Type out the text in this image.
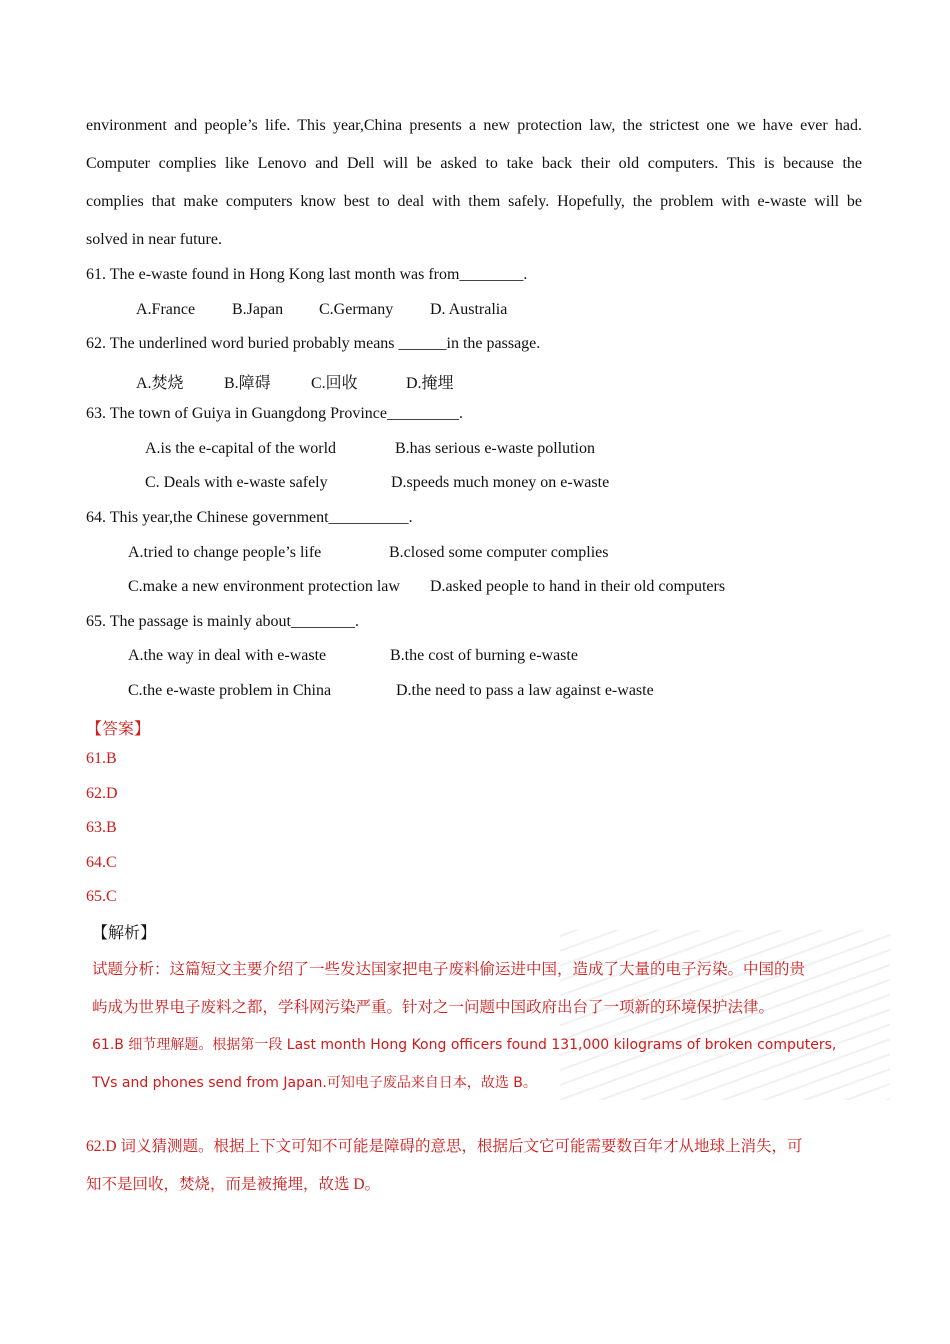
environment and people’s life. This year,China presents a new protection law, the strictest one we have ever had.
Computer complies like Lenovo and Dell will be asked to take back their old computers. This is because the
complies that make computers know best to deal with them safely. Hopefully, the problem with e-waste will be
solved in near future.
61. The e-waste found in Hong Kong last month was from________.
A.France B.Japan C.Germany D. Australia
62. The underlined word buried probably means ______in the passage.
A.焚烧	B.障碍	C.回收	D.掩埋
63. The town of Guiya in Guangdong Province_________.
A.is the e-capital of the world	B.has serious e-waste pollution
C. Deals with e-waste safely	D.speeds much money on e-waste
64. This year,the Chinese government__________.
A.tried to change people’s life	B.closed some computer complies
C.make a new environment protection law D.asked people to hand in their old computers
65. The passage is mainly about________.
A.the way in deal with e-waste	B.the cost of burning e-waste
C.the e-waste problem in China	D.the need to pass a law against e-waste
【答案】
61.B
62.D
63.B
64.C
65.C
【解析】
试题分析：这篇短文主要介绍了一些发达国家把电子废料偷运进中国，造成了大量的电子污染。中国的贵
屿成为世界电子废料之都，学科网污染严重。针对之一问题中国政府出台了一项新的环境保护法律。
61.B 细节理解题。根据第一段 Last month Hong Kong officers found 131,000 kilograms of broken computers,
TVs and phones send from Japan.可知电子废品来自日本，故选 B。
62.D 词义猜测题。根据上下文可知不可能是障碍的意思，根据后文它可能需要数百年才从地球上消失，可
知不是回收，焚烧，而是被掩埋，故选 D。
